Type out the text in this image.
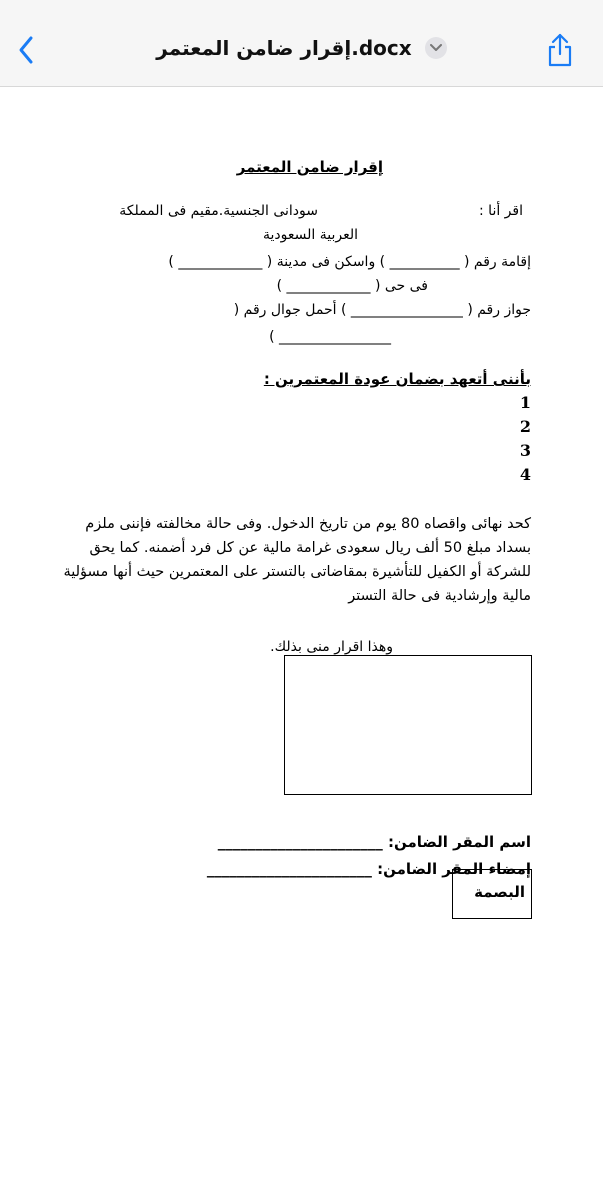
إقرار ضامن المعتمر.docx
إقرار ضامن المعتمر
اقر أنا :
سودانى الجنسية.مقيم فى المملكة
العربية السعودية
إقامة رقم ( __________ ) واسكن فى مدينة ( ____________ )
فى حى ( ____________ )
جواز رقم ( ________________ ) أحمل جوال رقم (
________________ )
بأننى أتعهد بضمان عودة المعتمرين :
1
2
3
4
كحد نهائى واقصاه 80 يوم من تاريخ الدخول. وفى حالة مخالفته فإننى ملزم بسداد مبلغ 50 ألف ريال سعودى غرامة مالية عن كل فرد أضمنه. كما يحق للشركة أو الكفيل للتأشيرة بمقاضاتى بالتستر على المعتمرين حيث أنها مسؤلية مالية وإرشادية فى حالة التستر
وهذا اقرار منى بذلك.
اسم المقر الضامن: ______________________
إمضاء المقر الضامن: ______________________
البصمة
